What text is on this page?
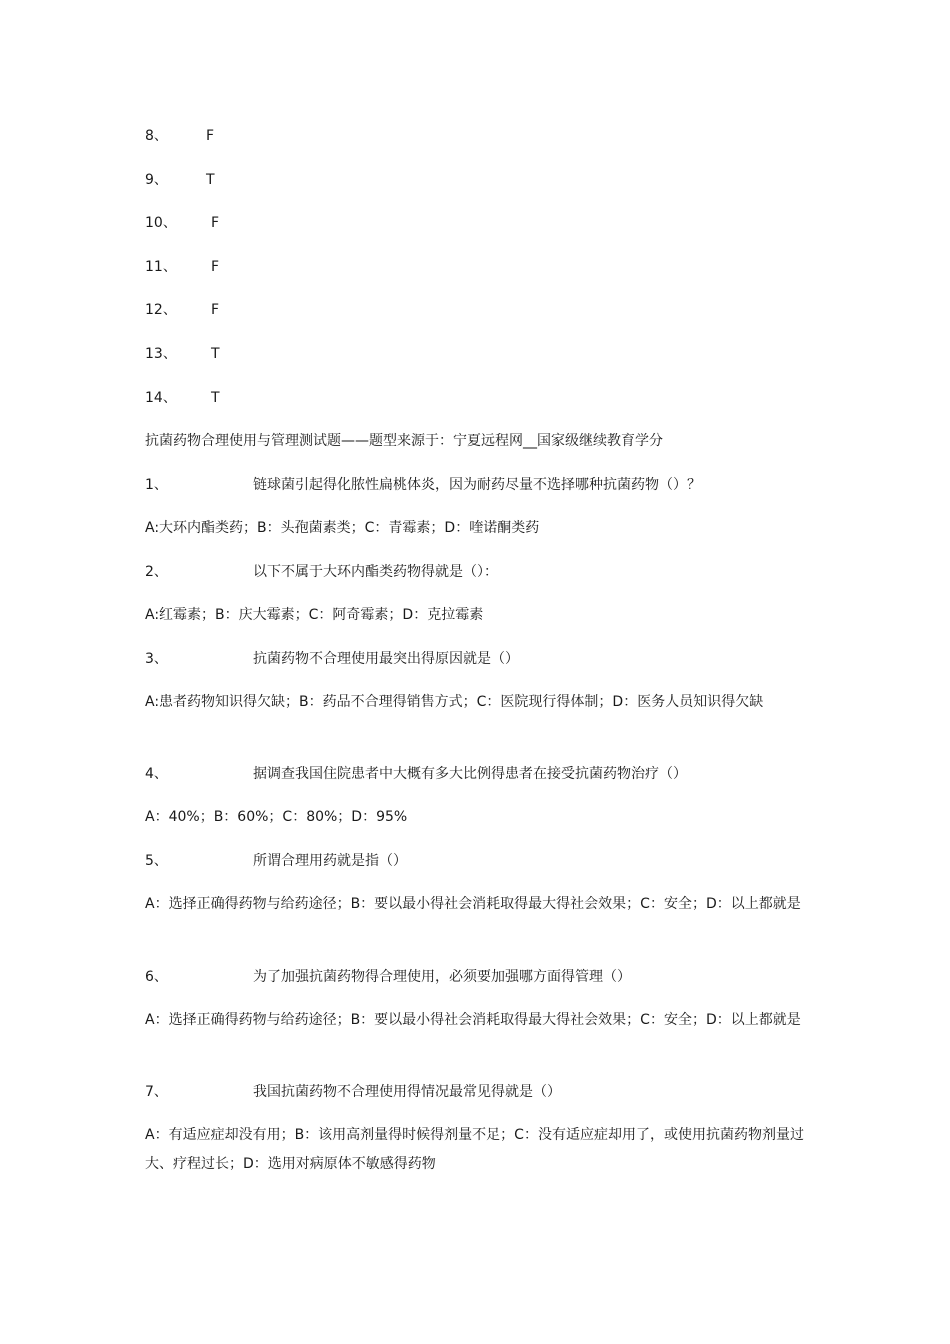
8、	F
9、	T
10、 F
11、 F
12、 F
13、 T
14、 T
抗菌药物合理使用与管理测试题——题型来源于：宁夏远程网__国家级继续教育学分
1、	链球菌引起得化脓性扁桃体炎，因为耐药尽量不选择哪种抗菌药物（）？
A:大环内酯类药；B：头孢菌素类；C：青霉素；D：喹诺酮类药
2、	以下不属于大环内酯类药物得就是（）：
A:红霉素；B：庆大霉素；C：阿奇霉素；D：克拉霉素
3、	抗菌药物不合理使用最突出得原因就是（）
A:患者药物知识得欠缺；B：药品不合理得销售方式；C：医院现行得体制；D：医务人员知识得欠缺
4、	据调查我国住院患者中大概有多大比例得患者在接受抗菌药物治疗（）
A：40%；B：60%；C：80%；D：95%
5、	所谓合理用药就是指（）
A：选择正确得药物与给药途径；B：要以最小得社会消耗取得最大得社会效果；C：安全；D：以上都就是
6、	为了加强抗菌药物得合理使用，必须要加强哪方面得管理（）
A：选择正确得药物与给药途径；B：要以最小得社会消耗取得最大得社会效果；C：安全；D：以上都就是
7、	我国抗菌药物不合理使用得情况最常见得就是（）
A：有适应症却没有用；B：该用高剂量得时候得剂量不足；C：没有适应症却用了，或使用抗菌药物剂量过大、疗程过长；D：选用对病原体不敏感得药物
